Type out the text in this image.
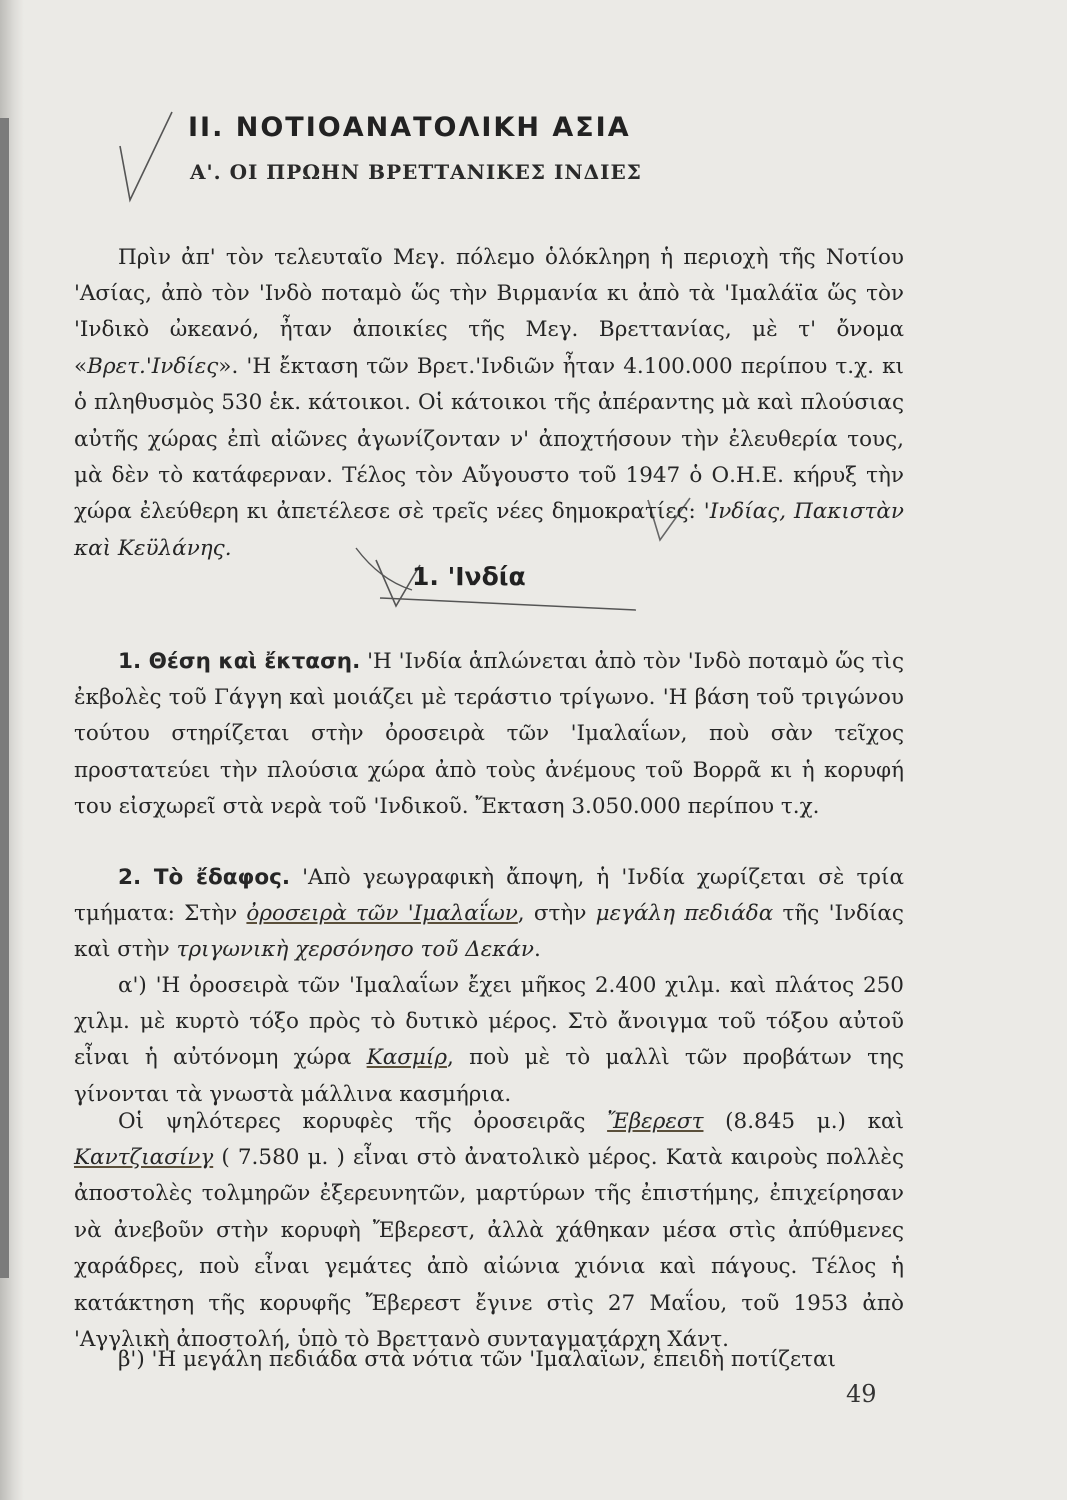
II. ΝΟΤΙΟΑΝΑΤΟΛΙΚΗ ΑΣΙΑ
Α'. ΟΙ ΠΡΩΗΝ ΒΡΕΤΤΑΝΙΚΕΣ ΙΝΔΙΕΣ

Πρὶν ἀπ' τὸν τελευταῖο Μεγ. πόλεμο ὁλόκληρη ἡ περιοχὴ τῆς Νοτίου 'Ασίας, ἀπὸ τὸν 'Ινδὸ ποταμὸ ὥς τὴν Βιρμανία κι ἀπὸ τὰ 'Ιμαλάϊα ὥς τὸν 'Ινδικὸ ὠκεανό, ἦταν ἀποικίες τῆς Μεγ. Βρεττανίας, μὲ τ' ὄνομα «Βρετ.'Ινδίες». 'Η ἔκταση τῶν Βρετ.'Ινδιῶν ἦταν 4.100.000 περίπου τ.χ. κι ὁ πληθυσμὸς 530 ἑκ. κάτοικοι. Οἱ κάτοικοι τῆς ἀπέραντης μὰ καὶ πλούσιας αὐτῆς χώρας ἐπὶ αἰῶνες ἀγωνίζονταν ν' ἀποχτήσουν τὴν ἐλευθερία τους, μὰ δὲν τὸ κατάφερναν. Τέλος τὸν Αὔγουστο τοῦ 1947 ὁ Ο.Η.Ε. κήρυξ τὴν χώρα ἐλεύθερη κι ἀπετέλεσε σὲ τρεῖς νέες δημοκρατίες: 'Ινδίας, Πακιστὰν καὶ Κεϋλάνης.

1. 'Ινδία

1. Θέση καὶ ἔκταση. 'Η 'Ινδία ἁπλώνεται ἀπὸ τὸν 'Ινδὸ ποταμὸ ὥς τὶς ἐκβολὲς τοῦ Γάγγη καὶ μοιάζει μὲ τεράστιο τρίγωνο. 'Η βάση τοῦ τριγώνου τούτου στηρίζεται στὴν ὀροσειρὰ τῶν 'Ιμαλαΐων, ποὺ σὰν τεῖχος προστατεύει τὴν πλούσια χώρα ἀπὸ τοὺς ἀνέμους τοῦ Βορρᾶ κι ἡ κορυφή του εἰσχωρεῖ στὰ νερὰ τοῦ 'Ινδικοῦ. Ἔκταση 3.050.000 περίπου τ.χ.

2. Τὸ ἔδαφος. 'Απὸ γεωγραφικὴ ἄποψη, ἡ 'Ινδία χωρίζεται σὲ τρία τμήματα: Στὴν ὀροσειρὰ τῶν 'Ιμαλαΐων, στὴν μεγάλη πεδιάδα τῆς 'Ινδίας καὶ στὴν τριγωνικὴ χερσόνησο τοῦ Δεκάν.

α') 'Η ὀροσειρὰ τῶν 'Ιμαλαΐων ἔχει μῆκος 2.400 χιλμ. καὶ πλάτος 250 χιλμ. μὲ κυρτὸ τόξο πρὸς τὸ δυτικὸ μέρος. Στὸ ἄνοιγμα τοῦ τόξου αὐτοῦ εἶναι ἡ αὐτόνομη χώρα Κασμίρ, ποὺ μὲ τὸ μαλλὶ τῶν προβάτων της γίνονται τὰ γνωστὰ μάλλινα κασμήρια.

Οἱ ψηλότερες κορυφὲς τῆς ὀροσειρᾶς Ἔβερεστ (8.845 μ.) καὶ Καντζιασίνγ ( 7.580 μ. ) εἶναι στὸ ἀνατολικὸ μέρος. Κατὰ καιροὺς πολλὲς ἀποστολὲς τολμηρῶν ἐξερευνητῶν, μαρτύρων τῆς ἐπιστήμης, ἐπιχείρησαν νὰ ἀνεβοῦν στὴν κορυφὴ Ἔβερεστ, ἀλλὰ χάθηκαν μέσα στὶς ἀπύθμενες χαράδρες, ποὺ εἶναι γεμάτες ἀπὸ αἰώνια χιόνια καὶ πάγους. Τέλος ἡ κατάκτηση τῆς κορυφῆς Ἔβερεστ ἔγινε στὶς 27 Μαΐου, τοῦ 1953 ἀπὸ 'Αγγλικὴ ἀποστολή, ὑπὸ τὸ Βρεττανὸ συνταγματάρχη Χάντ.

β') 'Η μεγάλη πεδιάδα στὰ νότια τῶν 'Ιμαλαΐων, ἐπειδὴ ποτίζεται

49
